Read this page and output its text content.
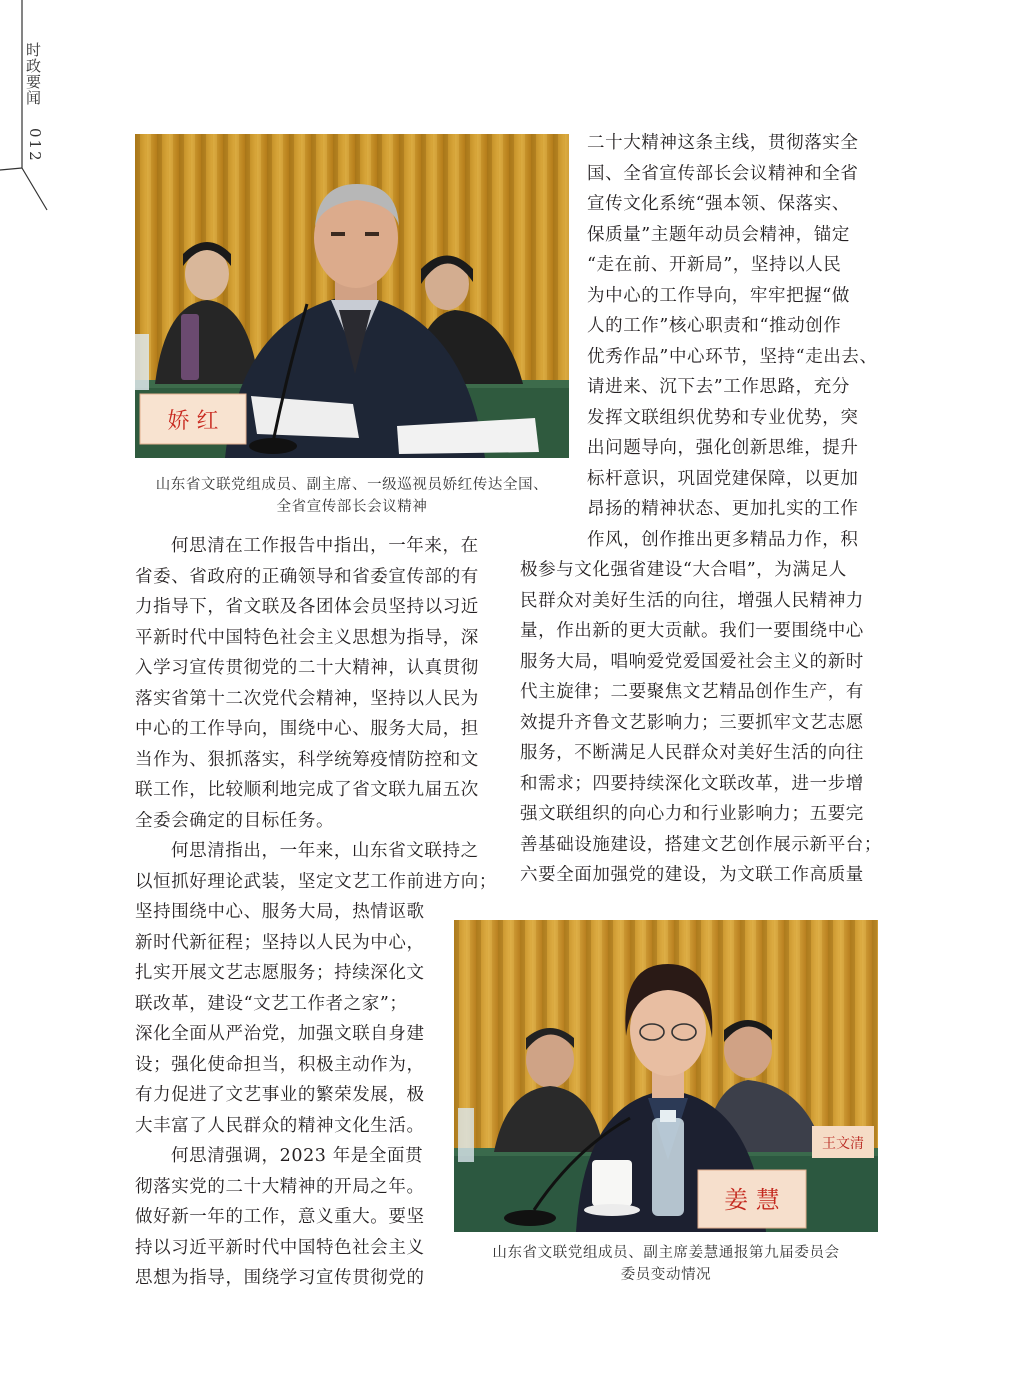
时政要闻
012
娇 红
山东省文联党组成员、副主席、一级巡视员娇红传达全国、
全省宣传部长会议精神
二十大精神这条主线，贯彻落实全
国、全省宣传部长会议精神和全省
宣传文化系统“强本领、保落实、
保质量”主题年动员会精神，锚定
“走在前、开新局”，坚持以人民
为中心的工作导向，牢牢把握“做
人的工作”核心职责和“推动创作
优秀作品”中心环节，坚持“走出去、
请进来、沉下去”工作思路，充分
发挥文联组织优势和专业优势，突
出问题导向，强化创新思维，提升
标杆意识，巩固党建保障，以更加
昂扬的精神状态、更加扎实的工作
作风，创作推出更多精品力作，积
极参与文化强省建设“大合唱”，为满足人
民群众对美好生活的向往，增强人民精神力
量，作出新的更大贡献。我们一要围绕中心
服务大局，唱响爱党爱国爱社会主义的新时
代主旋律；二要聚焦文艺精品创作生产，有
效提升齐鲁文艺影响力；三要抓牢文艺志愿
服务，不断满足人民群众对美好生活的向往
和需求；四要持续深化文联改革，进一步增
强文联组织的向心力和行业影响力；五要完
善基础设施建设，搭建文艺创作展示新平台；
六要全面加强党的建设，为文联工作高质量
何思清在工作报告中指出，一年来，在
省委、省政府的正确领导和省委宣传部的有
力指导下，省文联及各团体会员坚持以习近
平新时代中国特色社会主义思想为指导，深
入学习宣传贯彻党的二十大精神，认真贯彻
落实省第十二次党代会精神，坚持以人民为
中心的工作导向，围绕中心、服务大局，担
当作为、狠抓落实，科学统筹疫情防控和文
联工作，比较顺利地完成了省文联九届五次
全委会确定的目标任务。
何思清指出，一年来，山东省文联持之
以恒抓好理论武装，坚定文艺工作前进方向；
坚持围绕中心、服务大局，热情讴歌
新时代新征程；坚持以人民为中心，
扎实开展文艺志愿服务；持续深化文
联改革，建设“文艺工作者之家”；
深化全面从严治党，加强文联自身建
设；强化使命担当，积极主动作为，
有力促进了文艺事业的繁荣发展，极
大丰富了人民群众的精神文化生活。
何思清强调，2023 年是全面贯
彻落实党的二十大精神的开局之年。
做好新一年的工作，意义重大。要坚
持以习近平新时代中国特色社会主义
思想为指导，围绕学习宣传贯彻党的
王文清
姜 慧
山东省文联党组成员、副主席姜慧通报第九届委员会
委员变动情况
